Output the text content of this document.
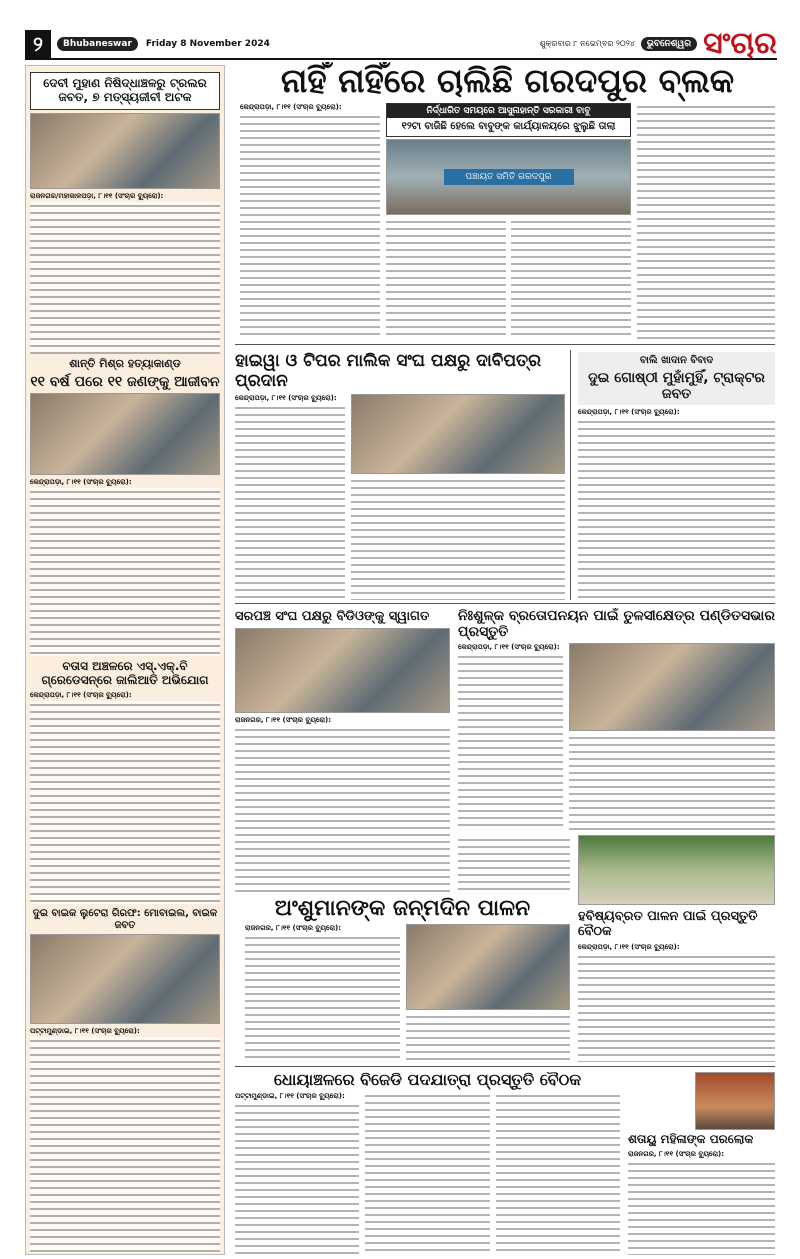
୨	Bhubaneswar	Friday 8 November 2024	ଶୁକ୍ରବାର ୮ ନଭେମ୍ବର ୨୦୨୪	ଭୁବନେଶ୍ୱର ସଂଚାର
ଦେବୀ ମୁହାଣ ନିଷିଦ୍ଧାଞ୍ଚଳରୁ ଟ୍ରଲର ଜବତ, ୭ ମତ୍ସ୍ୟଜୀବୀ ଅଟକ
ରାଜନଗର/ମହାକାଳପଡ଼ା, ୮।୧୧ (ସଂଚାର ବ୍ୟୁରୋ):
ଶାନ୍ତି ମିଶ୍ର ହତ୍ୟାକାଣ୍ଡ
୧୧ ବର୍ଷ ପରେ ୧୧ ଜଣଙ୍କୁ ଆଜୀବନ
କେନ୍ଦ୍ରାପଡ଼ା, ୮।୧୧ (ସଂଚାର ବ୍ୟୁରୋ):
ବତାସ ଅଞ୍ଚଳରେ ଏସ୍.ଏକ୍.ବି ଗ୍ରେଡେସନ୍‌ରେ ଜାଲିଆତି ଅଭିଯୋଗ
କେନ୍ଦ୍ରାପଡ଼ା, ୮।୧୧ (ସଂଚାର ବ୍ୟୁରୋ):
ଦୁଇ ବାଇକ ଲୁଟେରା ଗିରଫ: ମୋବାଇଲ, ବାଇକ ଜବତ
ପଟ୍ଟାମୁଣ୍ଡାଇ, ୮।୧୧ (ସଂଚାର ବ୍ୟୁରୋ):
ନାହିଁ ନାହିଁରେ ଚାଲିଛି ଗରଦପୁର ବ୍ଲକ
କେନ୍ଦ୍ରାପଡ଼ା, ୮।୧୧ (ସଂଚାର ବ୍ୟୁରୋ):	ନିର୍ଦ୍ଧାରିତ ସମୟରେ ଆସୁନାହାନ୍ତି ସରକାରୀ ବାବୁ
୧୨ଟା ବାଜିଛି ହେଲେ ବାବୁଙ୍କ କାର୍ଯ୍ୟାଳୟରେ ଝୁଲୁଛି ତାଲା
ପଞ୍ଚାୟତ ସମିତି ଗରଦପୁର
ହାଇୱା ଓ ଟିପର ମାଲିକ ସଂଘ ପକ୍ଷରୁ ଦାବିପତ୍ର ପ୍ରଦାନ
କେନ୍ଦ୍ରାପଡ଼ା, ୮।୧୧ (ସଂଚାର ବ୍ୟୁରୋ):
ବାଲି ଖାଦାନ ବିବାଦ
ଦୁଇ ଗୋଷ୍ଠୀ ମୁହାଁମୁହିଁ, ଟ୍ରାକ୍ଟର ଜବତ
କେନ୍ଦ୍ରାପଡ଼ା, ୮।୧୧ (ସଂଚାର ବ୍ୟୁରୋ):
ସରପଞ୍ଚ ସଂଘ ପକ୍ଷରୁ ବିଡିଓଙ୍କୁ ସ୍ୱାଗତ
ରାଜନଗର, ୮।୧୧ (ସଂଚାର ବ୍ୟୁରୋ):
ନିଃଶୁଳ୍କ ବ୍ରତୋପନୟନ ପାଇଁ ତୁଳସୀକ୍ଷେତ୍ର ପଣ୍ଡିତସଭାର ପ୍ରସ୍ତୁତି
କେନ୍ଦ୍ରାପଡ଼ା, ୮।୧୧ (ସଂଚାର ବ୍ୟୁରୋ):
ଅଂଶୁମାନଙ୍କ ଜନ୍ମଦିନ ପାଳନ
ରାଜନଗର, ୮।୧୧ (ସଂଚାର ବ୍ୟୁରୋ):
ହବିଷ୍ୟବ୍ରତ ପାଳନ ପାଇଁ ପ୍ରସ୍ତୁତି ବୈଠକ
କେନ୍ଦ୍ରାପଡ଼ା, ୮।୧୧ (ସଂଚାର ବ୍ୟୁରୋ):
ଧୋୟାଞ୍ଚଳରେ ବିଜେଡି ପଦଯାତ୍ରା ପ୍ରସ୍ତୁତି ବୈଠକ
ପଟ୍ଟାମୁଣ୍ଡାଇ, ୮।୧୧ (ସଂଚାର ବ୍ୟୁରୋ):
ଶତାୟୁ ମହିଳାଙ୍କ ପରଲୋକ
ରାଜନଗର, ୮।୧୧ (ସଂଚାର ବ୍ୟୁରୋ):
